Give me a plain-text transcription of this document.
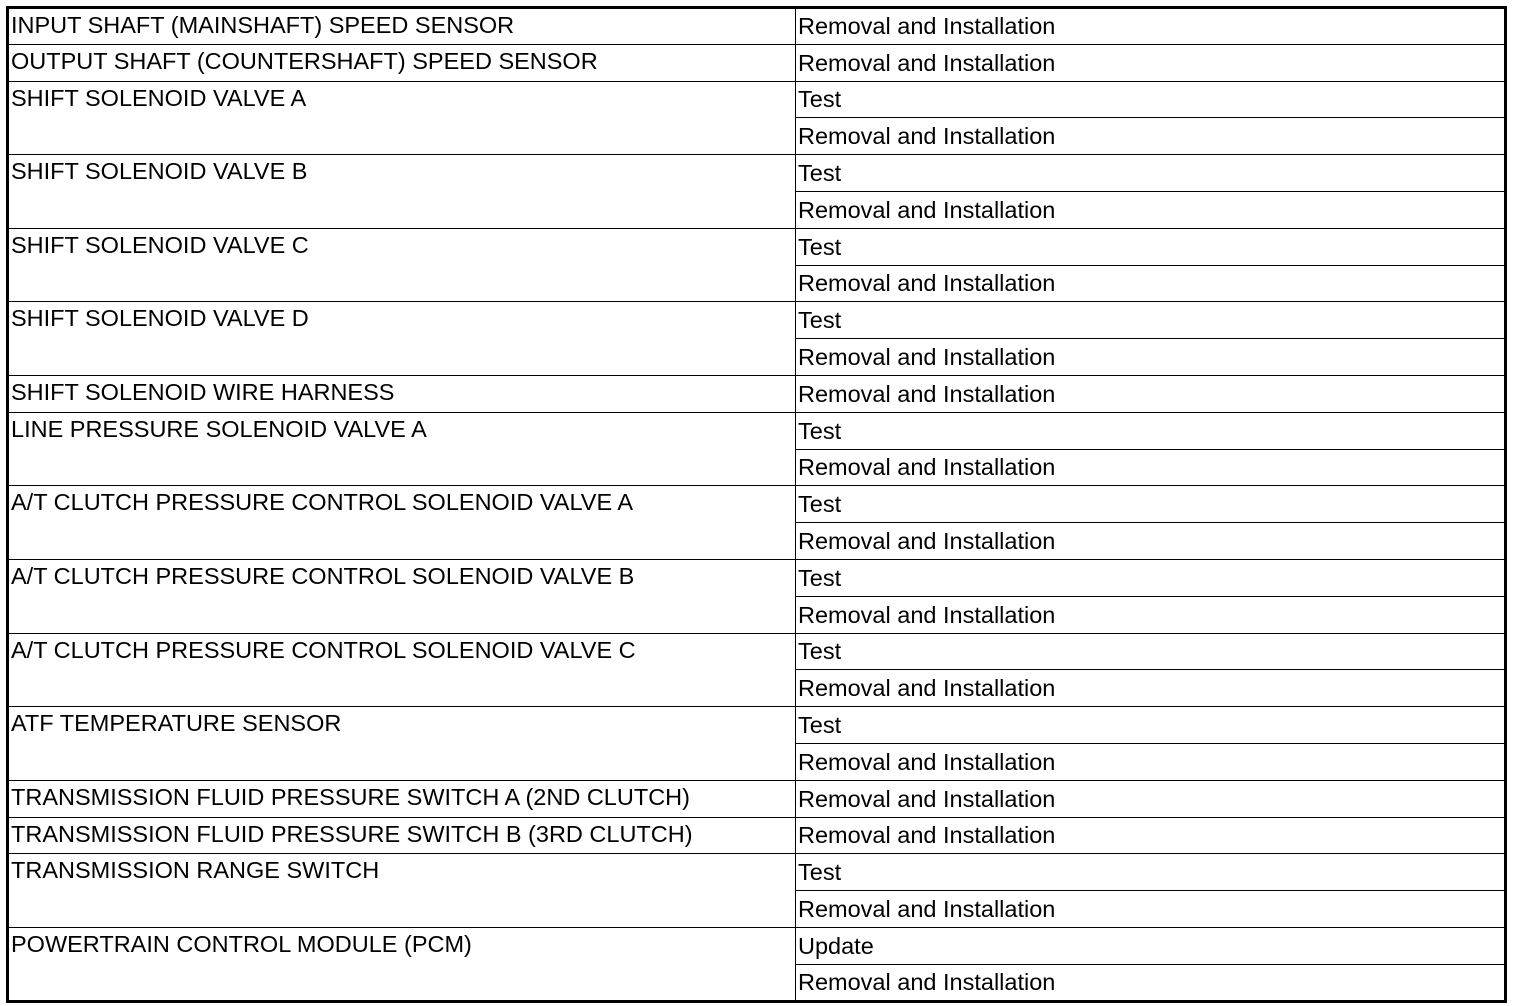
INPUT SHAFT (MAINSHAFT) SPEED SENSOR	Removal and Installation
OUTPUT SHAFT (COUNTERSHAFT) SPEED SENSOR	Removal and Installation
SHIFT SOLENOID VALVE A	Test
	Removal and Installation
SHIFT SOLENOID VALVE B	Test
	Removal and Installation
SHIFT SOLENOID VALVE C	Test
	Removal and Installation
SHIFT SOLENOID VALVE D	Test
	Removal and Installation
SHIFT SOLENOID WIRE HARNESS	Removal and Installation
LINE PRESSURE SOLENOID VALVE A	Test
	Removal and Installation
A/T CLUTCH PRESSURE CONTROL SOLENOID VALVE A	Test
	Removal and Installation
A/T CLUTCH PRESSURE CONTROL SOLENOID VALVE B	Test
	Removal and Installation
A/T CLUTCH PRESSURE CONTROL SOLENOID VALVE C	Test
	Removal and Installation
ATF TEMPERATURE SENSOR	Test
	Removal and Installation
TRANSMISSION FLUID PRESSURE SWITCH A (2ND CLUTCH)	Removal and Installation
TRANSMISSION FLUID PRESSURE SWITCH B (3RD CLUTCH)	Removal and Installation
TRANSMISSION RANGE SWITCH	Test
	Removal and Installation
POWERTRAIN CONTROL MODULE (PCM)	Update
	Removal and Installation
